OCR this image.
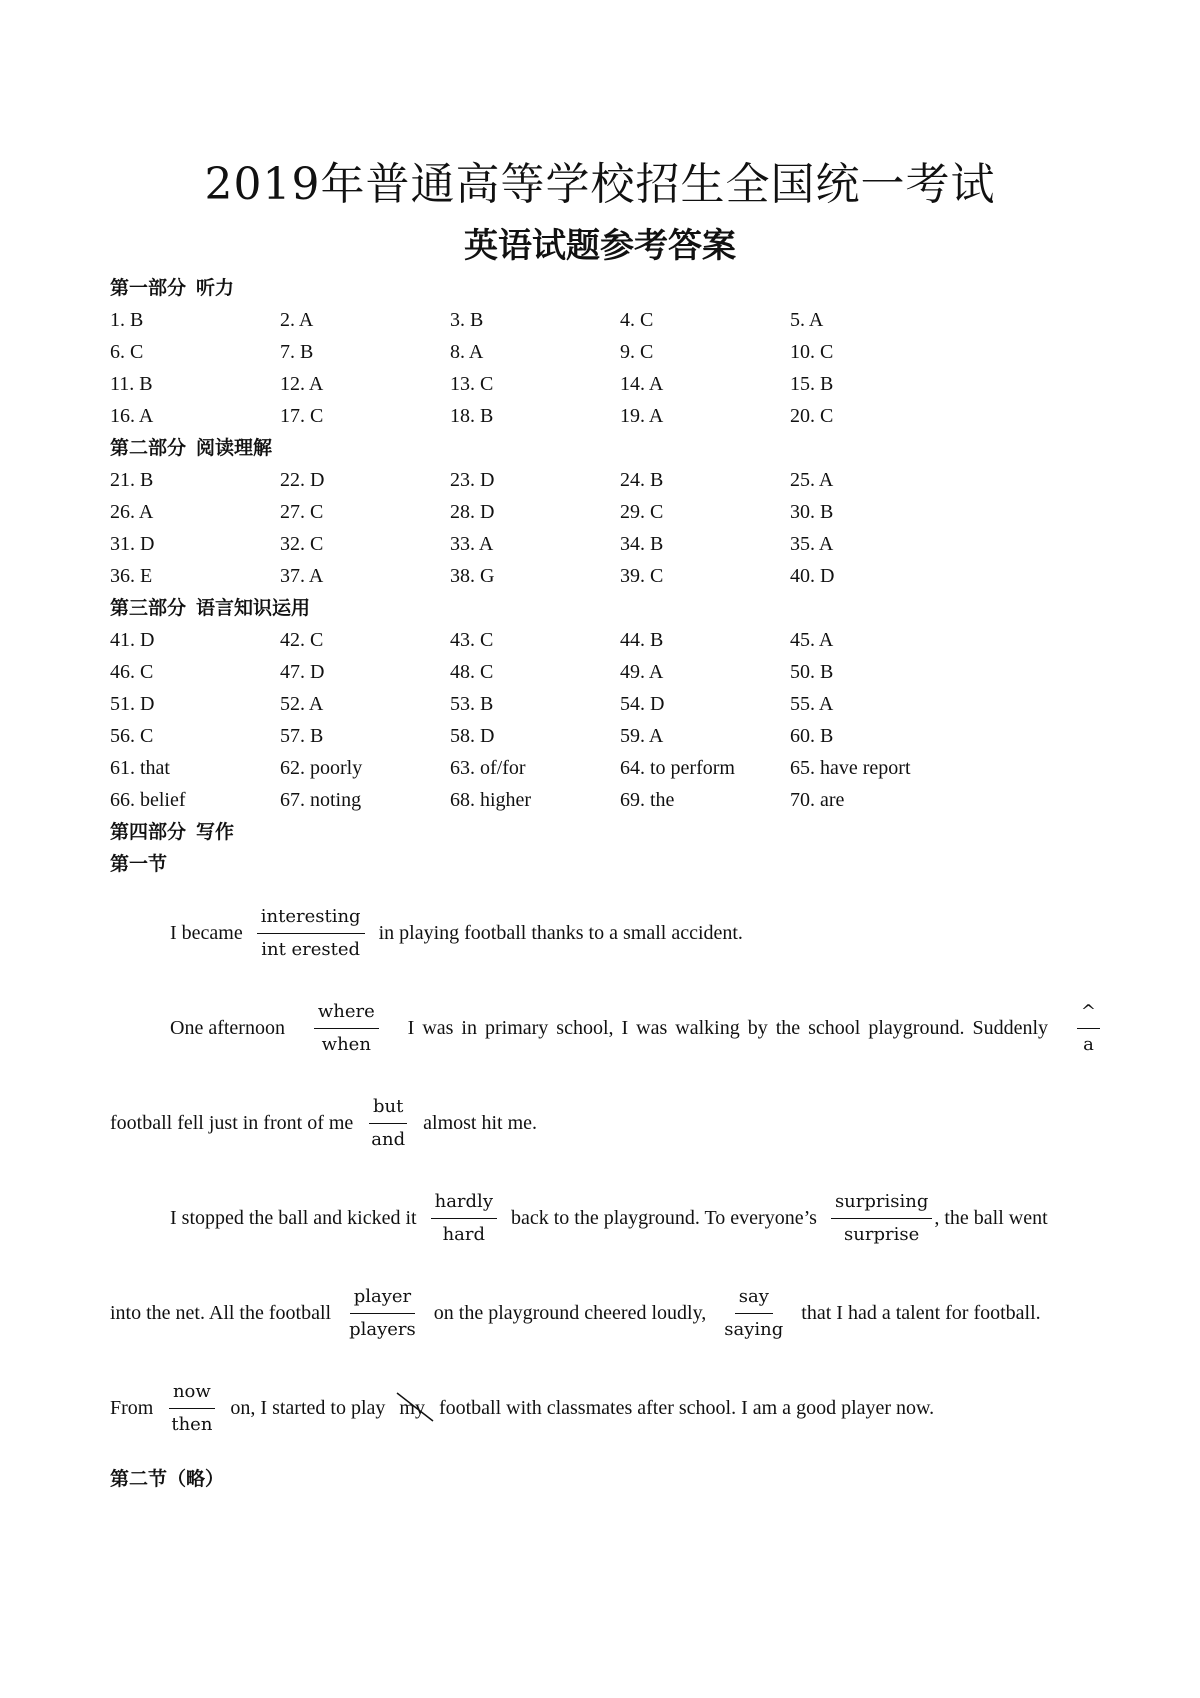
2019年普通高等学校招生全国统一考试
英语试题参考答案
第一部分 听力
1. B	2. A	3. B	4. C	5. A
6. C	7. B	8. A	9. C	10. C
11. B	12. A	13. C	14. A	15. B
16. A	17. C	18. B	19. A	20. C
第二部分 阅读理解
21. B	22. D	23. D	24. B	25. A
26. A	27. C	28. D	29. C	30. B
31. D	32. C	33. A	34. B	35. A
36. E	37. A	38. G	39. C	40. D
第三部分 语言知识运用
41. D	42. C	43. C	44. B	45. A
46. C	47. D	48. C	49. A	50. B
51. D	52. A	53. B	54. D	55. A
56. C	57. B	58. D	59. A	60. B
61. that	62. poorly	63. of/for	64. to perform	65. have report
66. belief	67. noting	68. higher	69. the	70. are
第四部分 写作
第一节
I became $\frac{\text{interesting}}{\text{int erested}}$ in playing football thanks to a small accident.
One afternoon $\frac{\text{where}}{\text{when}}$ I was in primary school, I was walking by the school playground. Suddenly $\frac{\^{}}{a}$
football fell just in front of me $\frac{\text{but}}{\text{and}}$ almost hit me.
I stopped the ball and kicked it $\frac{\text{hardly}}{\text{hard}}$ back to the playground. To everyone’s $\frac{\text{surprising}}{\text{surprise}}$ , the ball went
into the net. All the football $\frac{\text{player}}{\text{players}}$ on the playground cheered loudly, $\frac{\text{say}}{\text{saying}}$ that I had a talent for football.
From $\frac{\text{now}}{\text{then}}$ on, I started to play my football with classmates after school. I am a good player now.
第二节（略）
